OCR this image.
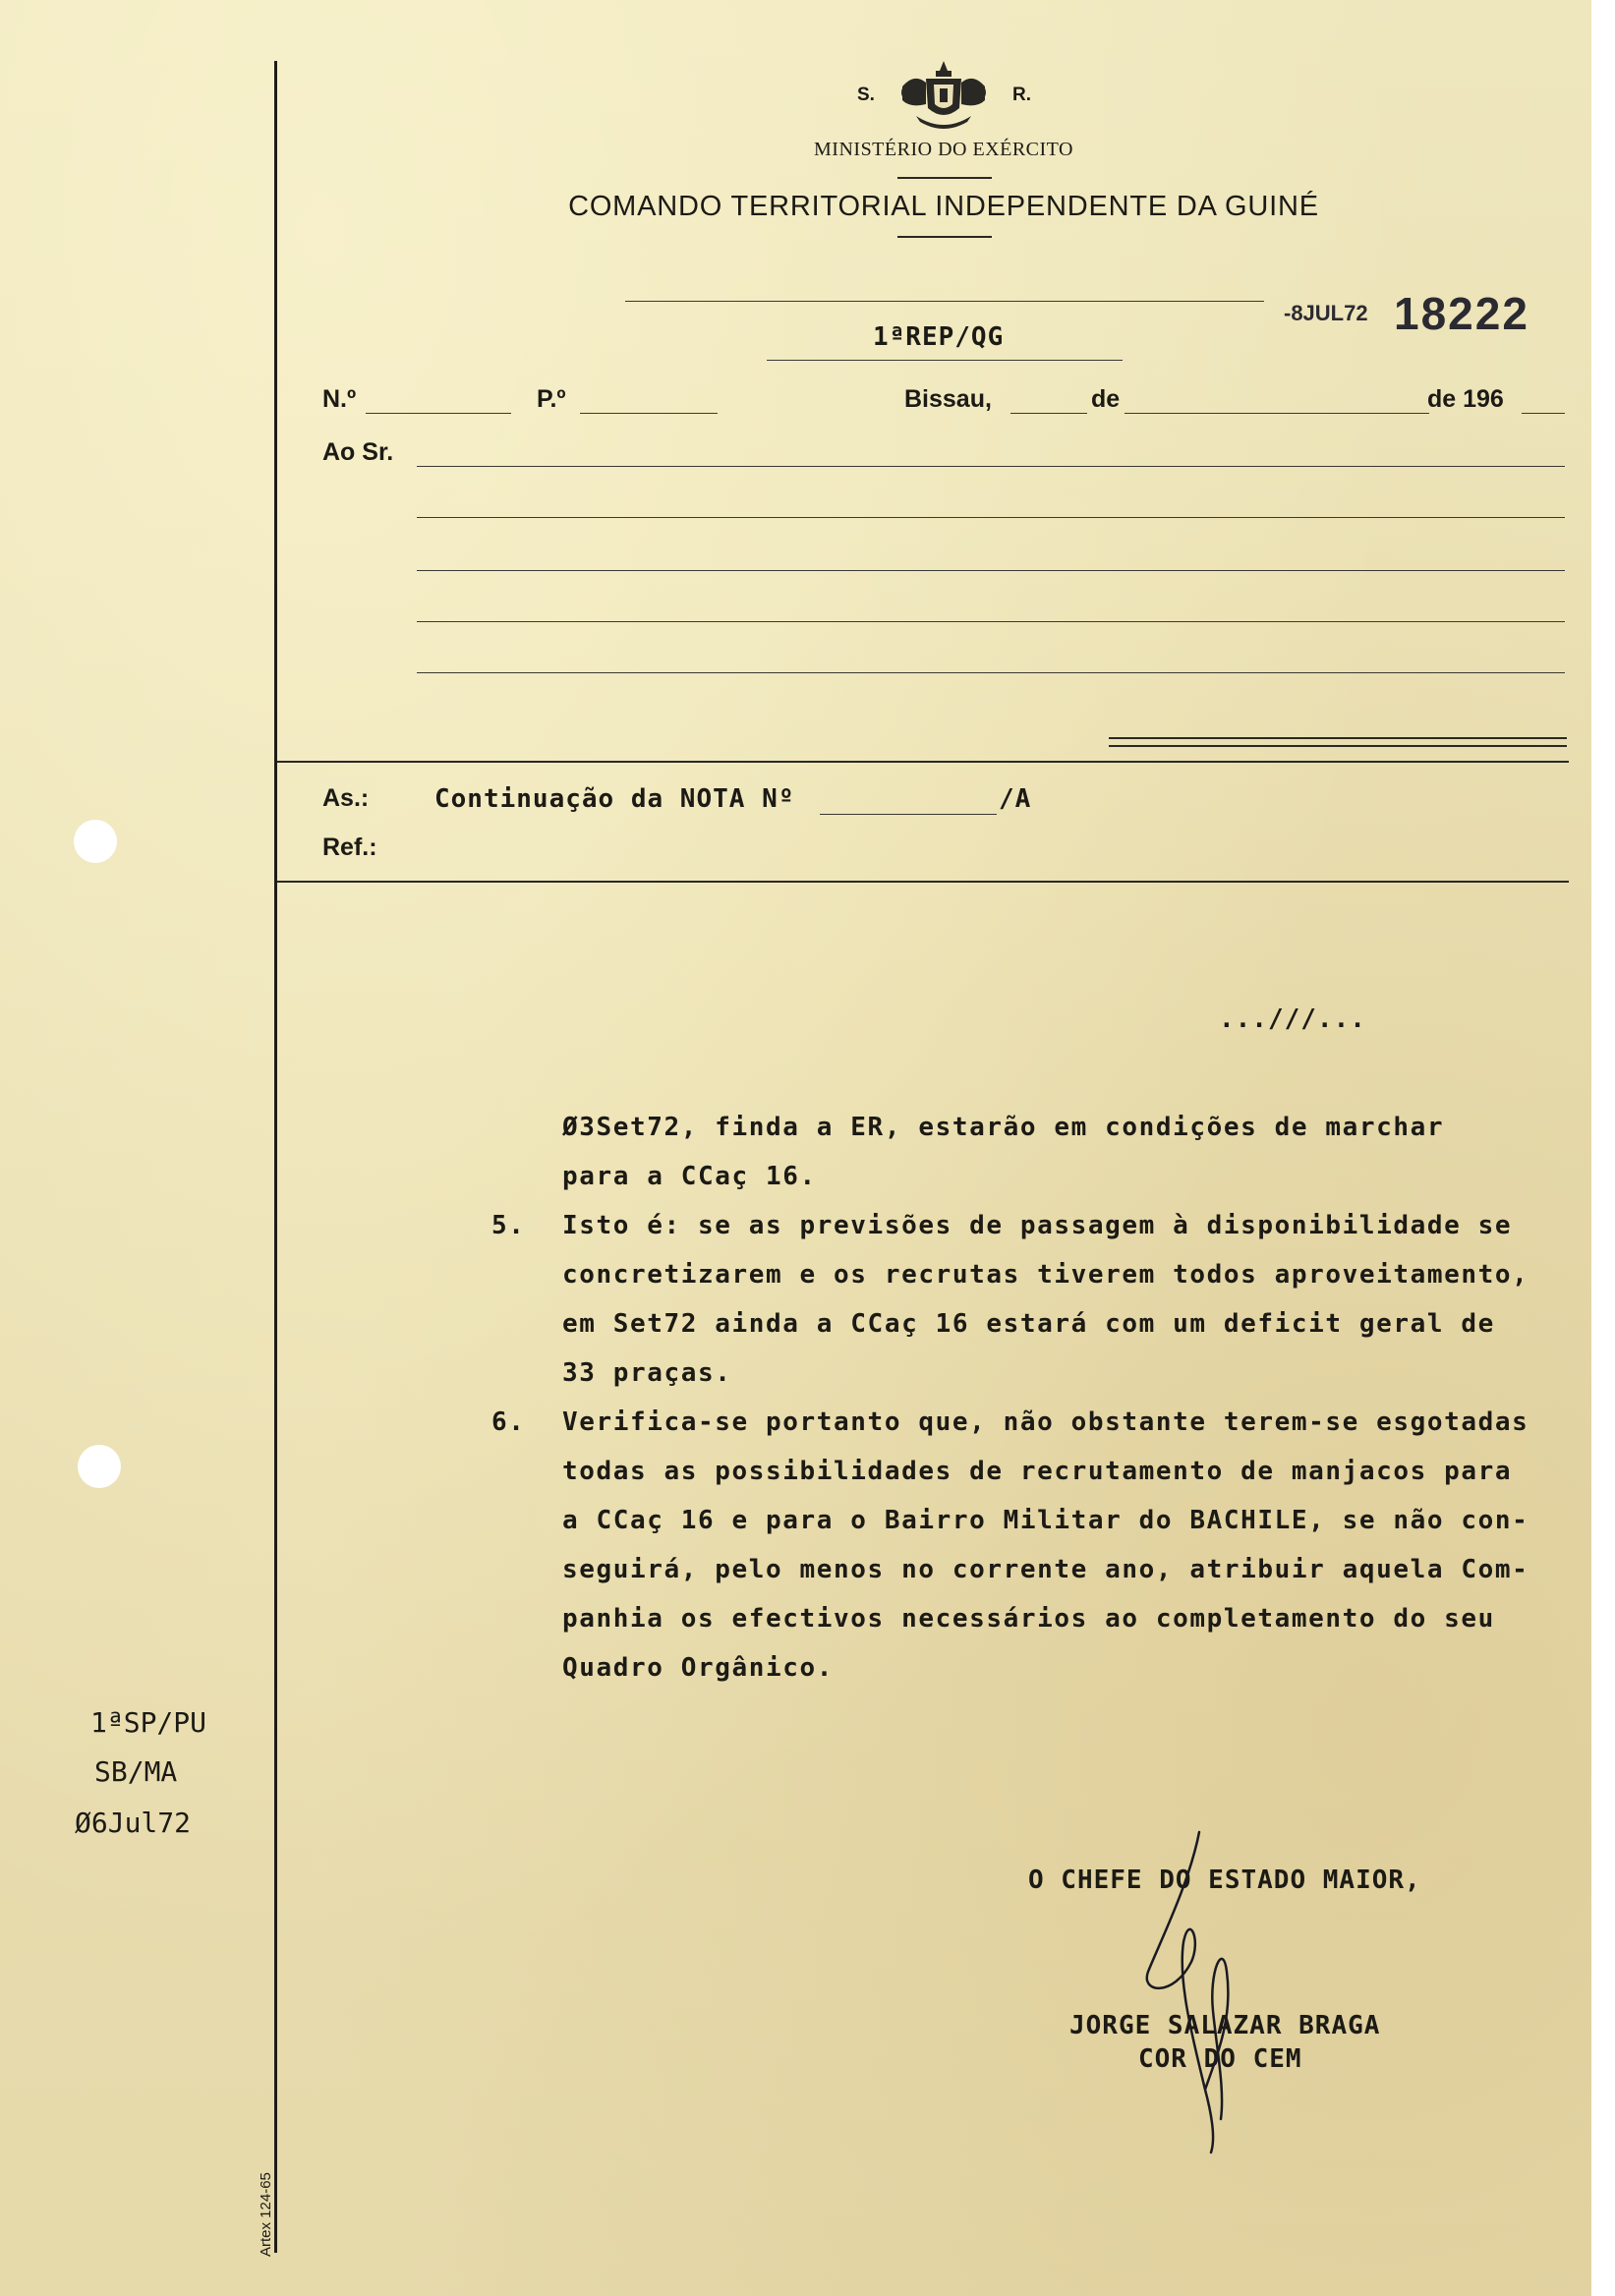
S.	R.
MINISTÉRIO DO EXÉRCITO
COMANDO TERRITORIAL INDEPENDENTE DA GUINÉ
-8JUL72 18222
1ªREP/QG
N.º	P.º	Bissau,	de	de 196
Ao Sr.
As.:	Continuação da NOTA Nº	/A
Ref.:
...///...
Ø3Set72, finda a ER, estarão em condições de marchar
para a CCaç 16.
5. Isto é: se as previsões de passagem à disponibilidade se
concretizarem e os recrutas tiverem todos aproveitamento,
em Set72 ainda a CCaç 16 estará com um deficit geral de
33 praças.
6. Verifica-se portanto que, não obstante terem-se esgotadas
todas as possibilidades de recrutamento de manjacos para
a CCaç 16 e para o Bairro Militar do BACHILE, se não con-
seguirá, pelo menos no corrente ano, atribuir aquela Com-
panhia os efectivos necessários ao completamento do seu
Quadro Orgânico.
1ªSP/PU
SB/MA
Ø6Jul72
O CHEFE DO ESTADO MAIOR,
JORGE SALAZAR BRAGA
COR DO CEM
Artex 124-65
